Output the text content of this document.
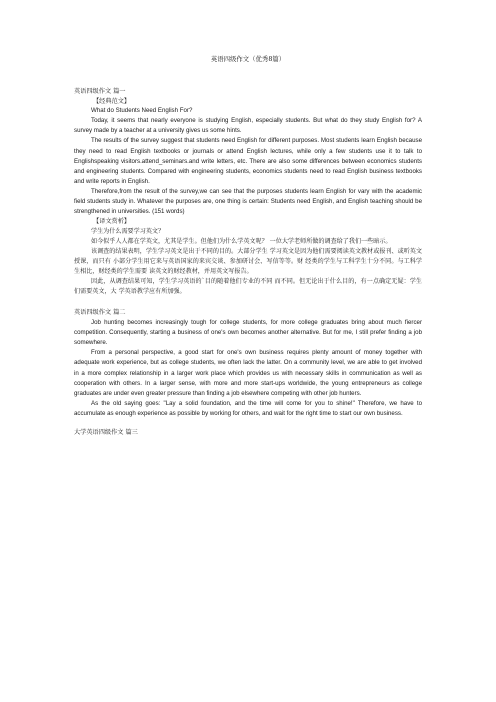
英语四级作文（优秀8篇）
英语四级作文 篇一
【经典范文】

What do Students Need English For?

Today, it seems that nearly everyone is studying English, especially students. But what do they study English for? A survey made by a teacher at a university gives us some hints.

The results of the survey suggest that students need English for different purposes. Most students learn English because they need to read English textbooks or journals or attend English lectures, while only a few students use it to talk to Englishspeaking visitors.attend_seminars.and write letters, etc. There are also some differences between economics students and engineering students. Compared with engineering students, economics students need to read English business textbooks and write reports in English.

Therefore,from the result of the survey,we can see that the purposes students learn English for vary with the academic field students study in. Whatever the purposes are, one thing is certain: Students need English, and English teaching should be strengthened in universities. (151 words)

【译文赏析】

学生为什么需要学习英文？

如今似乎人人都在学英文，尤其是学生。但他们为什么学英文呢？ 一位大学老师所做的调查给了我们一些暗示。

该调查的结果表明，学生学习英文是出于不同的目的。大部分学生 学习英文是因为他们需要阅读英文教材或报刊、或听英文授课，而只有 小部分学生用它来与英语国家的来宾交谈、参加研讨会、写信等等。财 经类的学生与工科学生十分不同。与工科学生相比，财经类的学生需要 读英文的财经教材，并用英文写报告。

因此，从调查结果可知，学生学习英语的`目的随着他们专业的不同 而不同。但无论出于什么目的，有一点确定无疑：学生们需要英文，大 学英语教学应有所加强。

英语四级作文 篇二

Job hunting becomes increasingly tough for college students, for more college graduates bring about much fiercer competition. Consequently, starting a business of one's own becomes another alternative. But for me, I still prefer finding a job somewhere.

From a personal perspective, a good start for one's own business requires plenty amount of money together with adequate work experience, but as college students, we often lack the latter. On a community level, we are able to get involved in a more complex relationship in a larger work place which provides us with necessary skills in communication as well as cooperation with others. In a larger sense, with more and more start-ups worldwide, the young entrepreneurs as college graduates are under even greater pressure than finding a job elsewhere competing with other job hunters.

As the old saying goes: "Lay a solid foundation, and the time will come for you to shine!" Therefore, we have to accumulate as enough experience as possible by working for others, and wait for the right time to start our own business.

大学英语四级作文 篇三
